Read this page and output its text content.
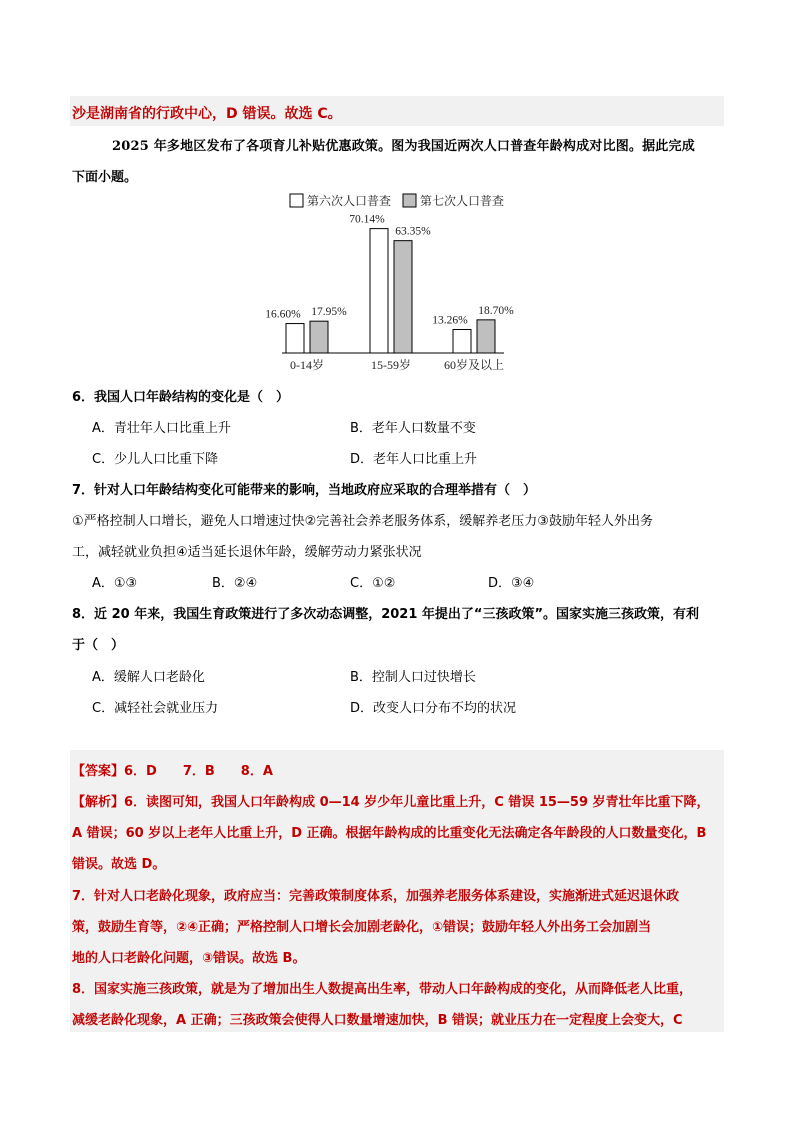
沙是湖南省的行政中心，D 错误。故选 C。
2025 年多地区发布了各项育儿补贴优惠政策。图为我国近两次人口普查年龄构成对比图。据此完成
下面小题。
第六次人口普查 第七次人口普查
16.60% 17.95%
70.14%
63.35%
13.26%
18.70%
0-14岁	15-59岁	60岁及以上
6．我国人口年龄结构的变化是（　）
A．青壮年人口比重上升	B．老年人口数量不变
C．少儿人口比重下降	D．老年人口比重上升
7．针对人口年龄结构变化可能带来的影响，当地政府应采取的合理举措有（　）
①严格控制人口增长，避免人口增速过快②完善社会养老服务体系，缓解养老压力③鼓励年轻人外出务
工，减轻就业负担④适当延长退休年龄，缓解劳动力紧张状况
A．①③	B．②④	C．①②	D．③④
8．近 20 年来，我国生育政策进行了多次动态调整，2021 年提出了“三孩政策”。国家实施三孩政策，有利
于（　）
A．缓解人口老龄化	B．控制人口过快增长
C．减轻社会就业压力	D．改变人口分布不均的状况
【答案】6．D　　7．B　　8．A
【解析】6．读图可知，我国人口年龄构成 0—14 岁少年儿童比重上升，C 错误 15—59 岁青壮年比重下降，
A 错误；60 岁以上老年人比重上升，D 正确。根据年龄构成的比重变化无法确定各年龄段的人口数量变化，B
错误。故选 D。
7．针对人口老龄化现象，政府应当：完善政策制度体系，加强养老服务体系建设，实施渐进式延迟退休政
策，鼓励生育等，②④正确；严格控制人口增长会加剧老龄化，①错误；鼓励年轻人外出务工会加剧当
地的人口老龄化问题，③错误。故选 B。
8．国家实施三孩政策，就是为了增加出生人数提高出生率，带动人口年龄构成的变化，从而降低老人比重，
减缓老龄化现象，A 正确；三孩政策会使得人口数量增速加快，B 错误；就业压力在一定程度上会变大，C
